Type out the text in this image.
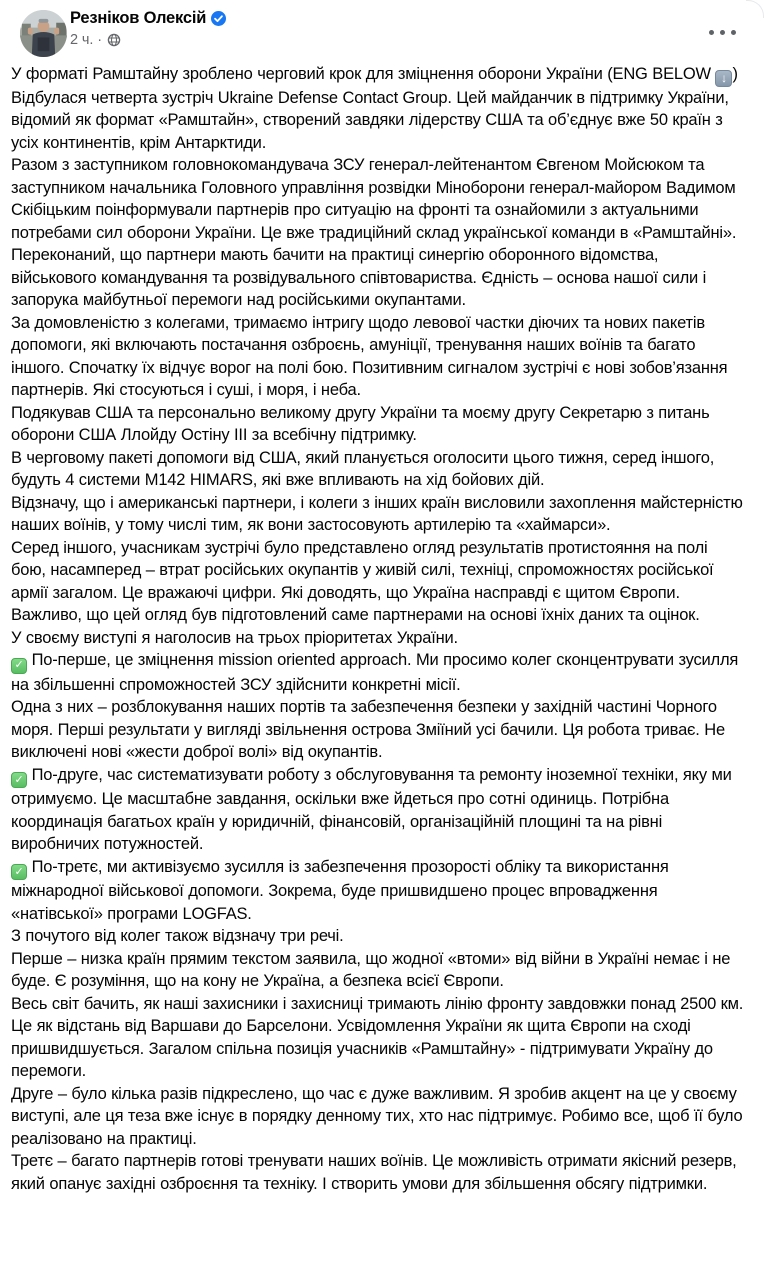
Резніков Олексій
2 ч. ·
У форматі Рамштайну зроблено черговий крок для зміцнення оборони України (ENG BELOW ↓ )
Відбулася четверта зустріч Ukraine Defense Contact Group. Цей майданчик в підтримку України, відомий як формат «Рамштайн», створений завдяки лідерству США та об’єднує вже 50 країн з усіх континентів, крім Антарктиди.
Разом з заступником головнокомандувача ЗСУ генерал-лейтенантом Євгеном Мойсюком та заступником начальника Головного управління розвідки Міноборони генерал-майором Вадимом Скібіцьким поінформували партнерів про ситуацію на фронті та ознайомили з актуальними потребами сил оборони України. Це вже традиційний склад української команди в «Рамштайні».
Переконаний, що партнери мають бачити на практиці синергію оборонного відомства, військового командування та розвідувального співтовариства. Єдність – основа нашої сили і запорука майбутньої перемоги над російськими окупантами.
За домовленістю з колегами, тримаємо інтригу щодо левової частки діючих та нових пакетів допомоги, які включають постачання озброєнь, амуніції, тренування наших воїнів та багато іншого. Спочатку їх відчує ворог на полі бою. Позитивним сигналом зустрічі є нові зобов’язання партнерів. Які стосуються і суші, і моря, і неба.
Подякував США та персонально великому другу України та моєму другу Секретарю з питань оборони США Ллойду Остіну III за всебічну підтримку.
В черговому пакеті допомоги від США, який планується оголосити цього тижня, серед іншого, будуть 4 системи M142 HIMARS, які вже впливають на хід бойових дій.
Відзначу, що і американські партнери, і колеги з інших країн висловили захоплення майстерністю наших воїнів, у тому числі тим, як вони застосовують артилерію та «хаймарси».
Серед іншого, учасникам зустрічі було представлено огляд результатів протистояння на полі бою, насамперед – втрат російських окупантів у живій силі, техніці, спроможностях російської армії загалом. Це вражаючі цифри. Які доводять, що Україна насправді є щитом Європи. Важливо, що цей огляд був підготовлений саме партнерами на основі їхніх даних та оцінок.
У своєму виступі я наголосив на трьох пріоритетах України.
✓ По-перше, це зміцнення mission oriented approach. Ми просимо колег сконцентрувати зусилля на збільшенні спроможностей ЗСУ здійснити конкретні місії.
Одна з них – розблокування наших портів та забезпечення безпеки у західній частині Чорного моря. Перші результати у вигляді звільнення острова Зміїний усі бачили. Ця робота триває. Не виключені нові «жести доброї волі» від окупантів.
✓ По-друге, час систематизувати роботу з обслуговування та ремонту іноземної техніки, яку ми отримуємо. Це масштабне завдання, оскільки вже йдеться про сотні одиниць. Потрібна координація багатьох країн у юридичній, фінансовій, організаційній площині та на рівні виробничих потужностей.
✓ По-третє, ми активізуємо зусилля із забезпечення прозорості обліку та використання міжнародної військової допомоги. Зокрема, буде пришвидшено процес впровадження «натівської» програми LOGFAS.
З почутого від колег також відзначу три речі.
Перше – низка країн прямим текстом заявила, що жодної «втоми» від війни в Україні немає і не буде. Є розуміння, що на кону не Україна, а безпека всієї Європи.
Весь світ бачить, як наші захисники і захисниці тримають лінію фронту завдовжки понад 2500 км. Це як відстань від Варшави до Барселони. Усвідомлення України як щита Європи на сході пришвидшується. Загалом спільна позиція учасників «Рамштайну» - підтримувати Україну до перемоги.
Друге – було кілька разів підкреслено, що час є дуже важливим. Я зробив акцент на це у своєму виступі, але ця теза вже існує в порядку денному тих, хто нас підтримує. Робимо все, щоб її було реалізовано на практиці.
Третє – багато партнерів готові тренувати наших воїнів. Це можливість отримати якісний резерв, який опанує західні озброєння та техніку. І створить умови для збільшення обсягу підтримки.
